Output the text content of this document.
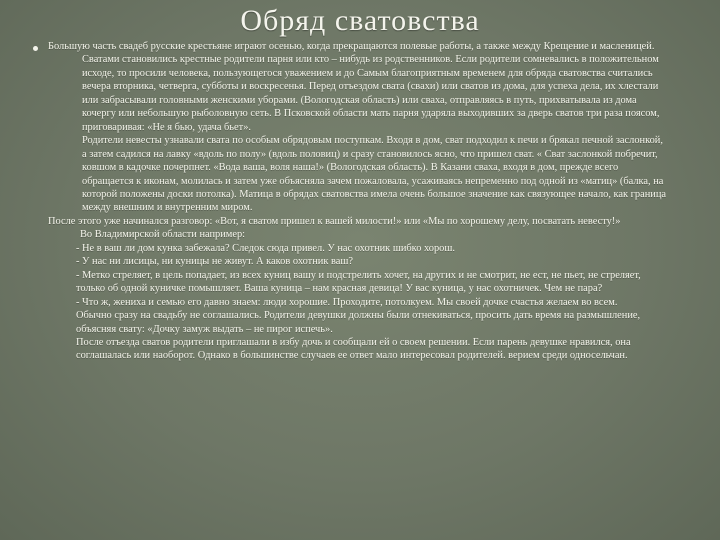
Обряд сватовства

Большую часть свадеб русские крестьяне играют осенью, когда прекращаются полевые работы, а также между Крещение и масленицей.

Сватами становились крестные родители парня или кто – нибудь из родственников. Если родители сомневались в положительном исходе, то просили человека, пользующегося уважением и до Самым благоприятным временем для обряда сватовства считались вечера вторника, четверга, субботы и воскресенья. Перед отъездом свата (свахи) или сватов из дома, для успеха дела, их хлестали или забрасывали головными женскими уборами. (Вологодская область) или сваха, отправляясь в путь, прихватывала из дома кочергу или небольшую рыболовную сеть. В Псковской области мать парня ударяла выходивших за дверь сватов три раза поясом, приговаривая: «Не я бью, удача бьет».

Родители невесты узнавали свата по особым обрядовым поступкам. Входя в дом, сват подходил к печи и брякал печной заслонкой, а затем садился на лавку «вдоль по полу» (вдоль половиц) и сразу становилось ясно, что пришел сват. « Сват заслонкой побречит, ковшом в кадочке почерпнет. «Вода ваша, воля наша!» (Вологодская область). В Казани сваха, входя в дом, прежде всего обращается к иконам, молилась и затем уже объясняла зачем пожаловала, усаживаясь непременно под одной из «матиц» (балка, на которой положены доски потолка). Матица в обрядах сватовства имела очень большое значение как связующее начало, как граница между внешним и внутренним миром.

После этого уже начинался разговор: «Вот, я сватом пришел к вашей милости!» или «Мы по хорошему делу, посватать невесту!»

Во Владимирской области например:

- Не в ваш ли дом кунка забежала? Следок сюда привел. У нас охотник шибко хорош.

- У нас ни лисицы, ни куницы не живут. А каков охотник ваш?

- Метко стреляет, в цель попадает, из всех куниц вашу и подстрелить хочет, на других и не смотрит, не ест, не пьет, не стреляет, только об одной куничке помышляет. Ваша куница – нам красная девица! У вас куница, у нас охотничек. Чем не пара?

- Что ж, жениха и семью его давно знаем: люди хорошие. Проходите, потолкуем. Мы своей дочке счастья желаем во всем.

Обычно сразу на свадьбу не соглашались. Родители девушки должны были отнекиваться, просить дать время на размышление, объясняя свату: «Дочку замуж выдать – не пирог испечь».

После отъезда сватов родители приглашали в избу дочь и сообщали ей о своем решении. Если парень девушке нравился, она соглашалась или наоборот. Однако в большинстве случаев ее ответ мало интересовал родителей. верием среди односельчан.
